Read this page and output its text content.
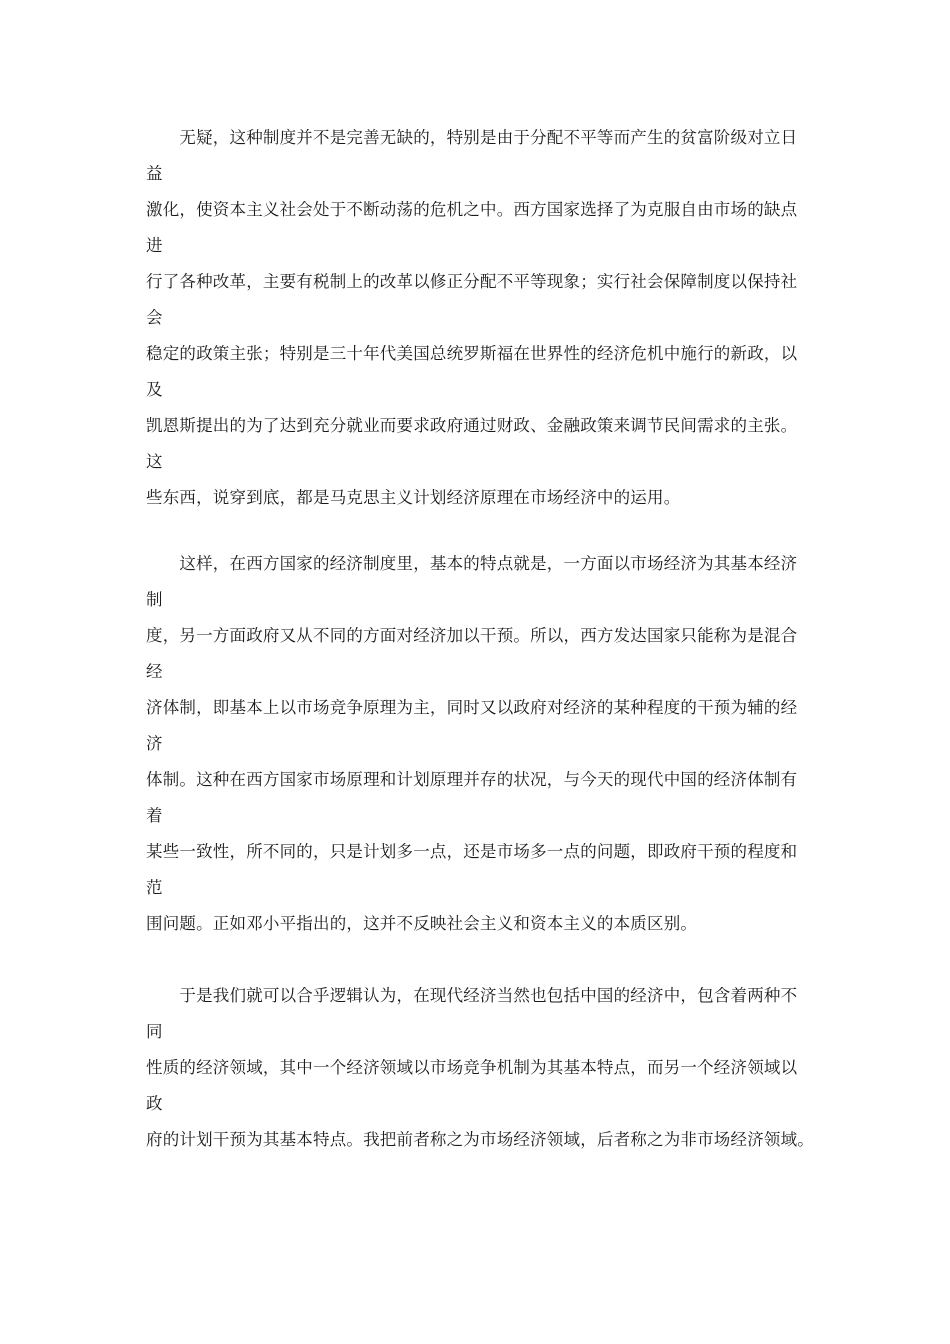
　　无疑，这种制度并不是完善无缺的，特别是由于分配不平等而产生的贫富阶级对立日
益
激化，使资本主义社会处于不断动荡的危机之中。西方国家选择了为克服自由市场的缺点
进
行了各种改革，主要有税制上的改革以修正分配不平等现象；实行社会保障制度以保持社
会
稳定的政策主张；特别是三十年代美国总统罗斯福在世界性的经济危机中施行的新政，以
及
凯恩斯提出的为了达到充分就业而要求政府通过财政、金融政策来调节民间需求的主张。
这
些东西，说穿到底，都是马克思主义计划经济原理在市场经济中的运用。
　　这样，在西方国家的经济制度里，基本的特点就是，一方面以市场经济为其基本经济
制
度，另一方面政府又从不同的方面对经济加以干预。所以，西方发达国家只能称为是混合
经
济体制，即基本上以市场竞争原理为主，同时又以政府对经济的某种程度的干预为辅的经
济
体制。这种在西方国家市场原理和计划原理并存的状况，与今天的现代中国的经济体制有
着
某些一致性，所不同的，只是计划多一点，还是市场多一点的问题，即政府干预的程度和
范
围问题。正如邓小平指出的，这并不反映社会主义和资本主义的本质区别。
　　于是我们就可以合乎逻辑认为，在现代经济当然也包括中国的经济中，包含着两种不
同
性质的经济领域，其中一个经济领域以市场竞争机制为其基本特点，而另一个经济领域以
政
府的计划干预为其基本特点。我把前者称之为市场经济领域，后者称之为非市场经济领域。
